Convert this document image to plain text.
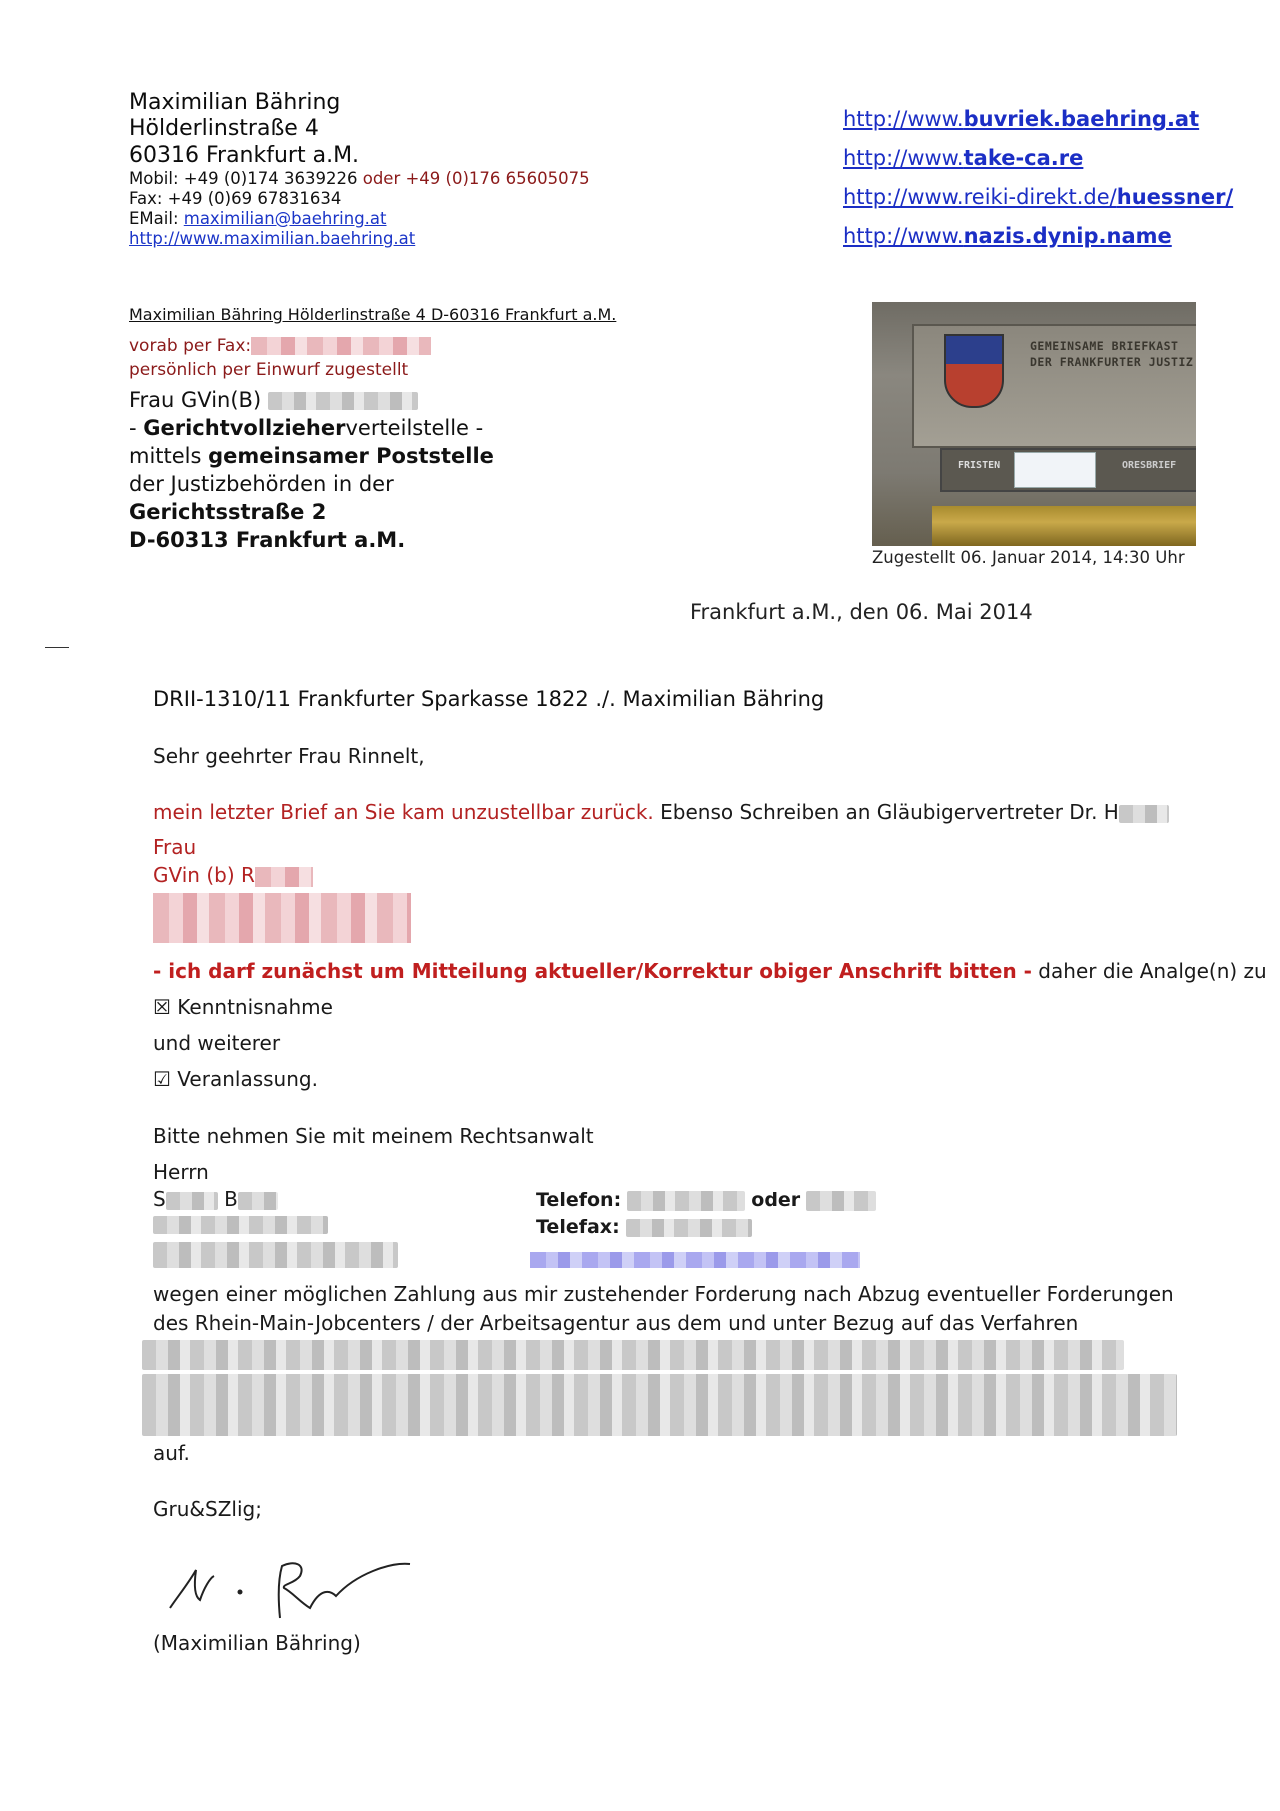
Maximilian Bähring
Hölderlinstraße 4
60316 Frankfurt a.M.
Mobil: +49 (0)174 3639226 oder +49 (0)176 65605075
Fax: +49 (0)69 67831634
EMail: maximilian@baehring.at
http://www.maximilian.baehring.at
http://www.buvriek.baehring.at
http://www.take-ca.re
http://www.reiki-direkt.de/huessner/
http://www.nazis.dynip.name
Maximilian Bähring Hölderlinstraße 4 D-60316 Frankfurt a.M.
vorab per Fax:
persönlich per Einwurf zugestellt
Frau GVin(B)
- Gerichtvollzieherverteilstelle -
mittels gemeinsamer Poststelle
der Justizbehörden in der
Gerichtsstraße 2
D-60313 Frankfurt a.M.
GEMEINSAME BRIEFKAST
DER FRANKFURTER JUSTIZ
FRISTEN	ORESBRIEF
Zugestellt 06. Januar 2014, 14:30 Uhr
Frankfurt a.M., den 06. Mai 2014
DRII-1310/11 Frankfurter Sparkasse 1822 ./. Maximilian Bähring
Sehr geehrter Frau Rinnelt,
mein letzter Brief an Sie kam unzustellbar zurück. Ebenso Schreiben an Gläubigervertreter Dr. H
Frau
GVin (b) R
- ich darf zunächst um Mitteilung aktueller/Korrektur obiger Anschrift bitten - daher die Analge(n) zu
☒ Kenntnisnahme
und weiterer
☑ Veranlassung.
Bitte nehmen Sie mit meinem Rechtsanwalt
Herrn
S	B	Telefon:	oder
Telefax:
wegen einer möglichen Zahlung aus mir zustehender Forderung nach Abzug eventueller Forderungen
des Rhein-Main-Jobcenters / der Arbeitsagentur aus dem und unter Bezug auf das Verfahren
auf.
Gru&SZlig;
(Maximilian Bähring)
